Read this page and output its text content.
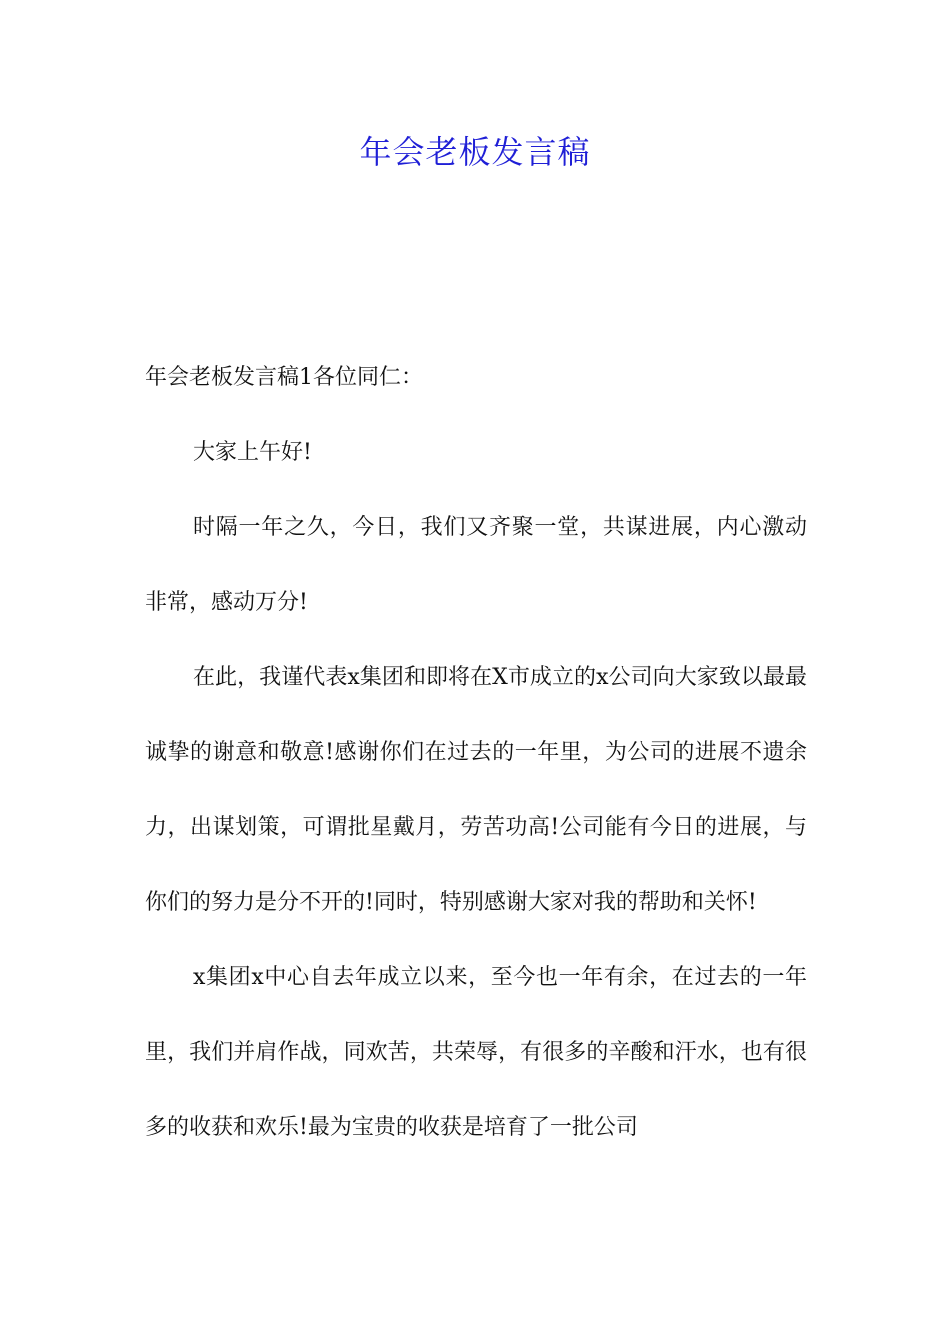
年会老板发言稿

年会老板发言稿1各位同仁：

大家上午好!

时隔一年之久，今日，我们又齐聚一堂，共谋进展，内心激动非常，感动万分!

在此，我谨代表x集团和即将在X市成立的x公司向大家致以最最诚挚的谢意和敬意!感谢你们在过去的一年里，为公司的进展不遗余力，出谋划策，可谓批星戴月，劳苦功高!公司能有今日的进展，与你们的努力是分不开的!同时，特别感谢大家对我的帮助和关怀!

x集团x中心自去年成立以来，至今也一年有余，在过去的一年里，我们并肩作战，同欢苦，共荣辱，有很多的辛酸和汗水，也有很多的收获和欢乐!最为宝贵的收获是培育了一批公司
